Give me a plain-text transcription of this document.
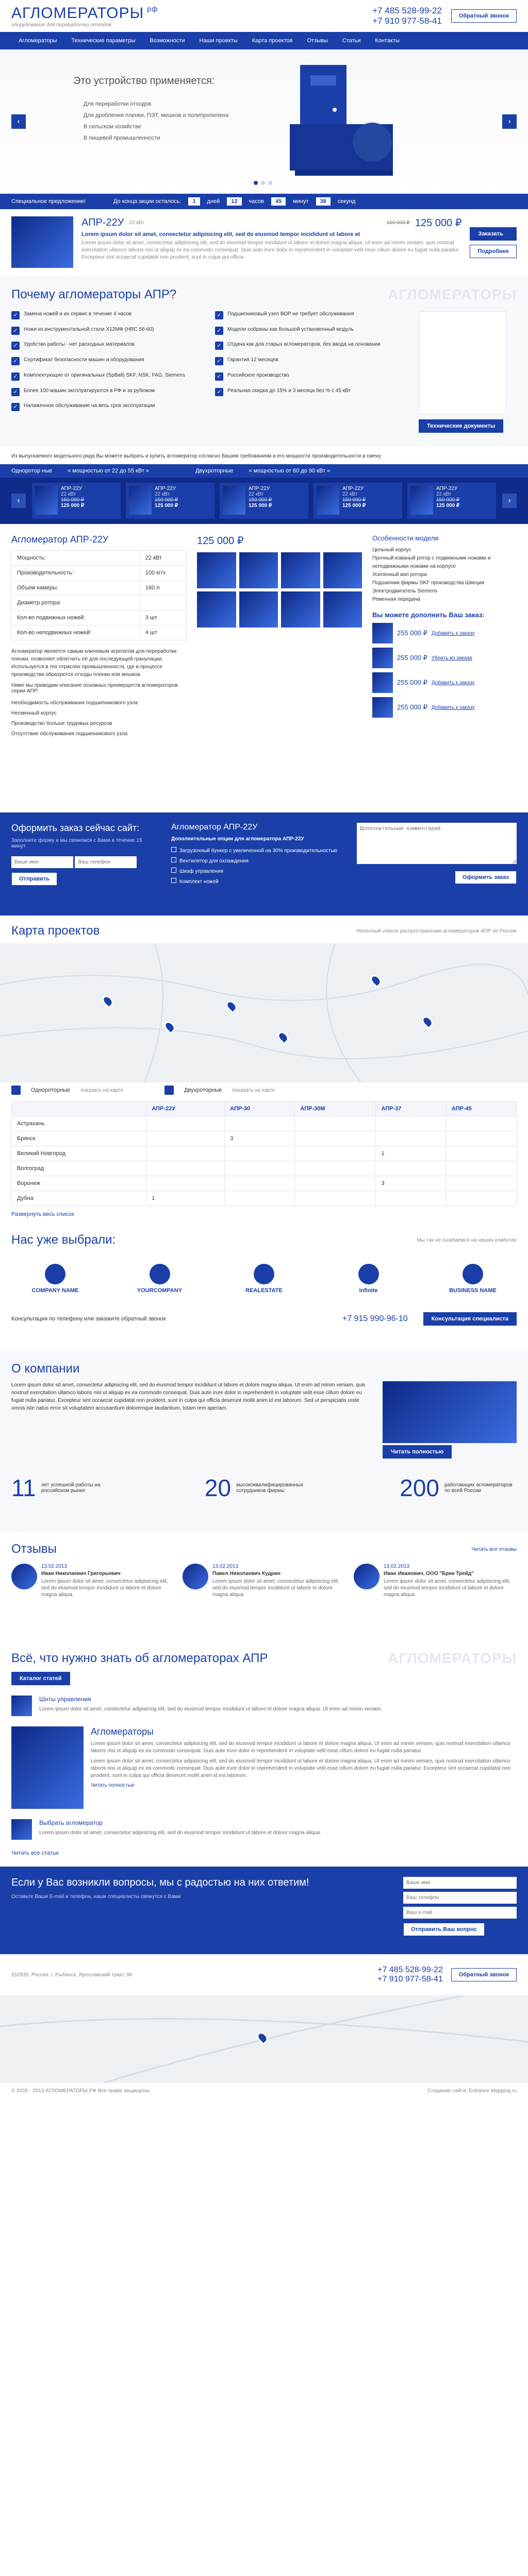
АГЛОМЕРАТОРЫ $^{рф}$
оборудование для переработки отходов
+7 485 528-99-22
+7 910 977-58-41	Обратный звонок
Агломераторы	Технические параметры	Возможности	Наши проекты	Карта проектов	Отзывы	Статьи	Контакты
‹	›
Это устройство применяется:
Для переработки отходов
Для дробления пленки, ПЭТ, мешков и полипропилена
В сельском хозяйстве
В пищевой промышленности
Специальное предложение!	До конца акции осталось:	1	дней	12	часов	45	минут	38	секунд
АПР-22У 22 кВт	150 000 ₽ 125 000 ₽
Lorem ipsum dolor sit amet, consectetur adipisicing elit, sed do eiusmod tempor incididunt ut labore et
Lorem ipsum dolor sit amet, consectetur adipisicing elit, sed do eiusmod tempor incididunt ut labore et dolore magna aliqua. Ut enim ad minim veniam, quis nostrud exercitation ullamco laboris nisi ut aliquip ex ea commodo consequat. Duis aute irure dolor in reprehenderit in voluptate velit esse cillum dolore eu fugiat nulla pariatur. Excepteur sint occaecat cupidatat non proident, sunt in culpa qui officia
Заказать
Подробнее
Почему агломераторы АПР?	АГЛОМЕРАТОРЫ
✓	Замена ножей и их сервис в течение 4 часов	✓	Подшипниковый узел ВОР не требует обслуживания
✓	Ножи из инструментальной стали Х12МФ (HRC 56-60)	✓	Модели собраны как большой установочный модуль
✓	Удобство работы - нет расходных материалов	✓	Отдача как для старых агломераторов, без ввода на основании
✓	Сертификат безопасности машин и оборудования	✓	Гарантия 12 месяцев
✓	Комплектующие от оригинальных (SpBall) SKF, NSK, FAG, Siemens	✓	Российское производство
✓	Более 100 машин эксплуатируются в РФ и за рубежом	✓	Реальная скидка до 15% и 3 месяца без % с 45 кВт
✓	Налаженное обслуживание на весь срок эксплуатации
Технические документы
Из выпускаемого модельного ряда Вы можете выбрать и купить агломератор согласно Вашим требованиям и его мощности производительности в смену
Одноротор ные	« мощностью от 22 до 55 кВт »	Двухроторные	« мощностью от 60 до 90 кВт »
‹	›
АПР-22У
22 кВт
150 000 ₽
125 000 ₽
АПР-22У
22 кВт
150 000 ₽
125 000 ₽
АПР-22У
22 кВт
150 000 ₽
125 000 ₽
АПР-22У
22 кВт
150 000 ₽
125 000 ₽
АПР-22У
22 кВт
150 000 ₽
125 000 ₽
Агломератор АПР-22У
Мощность:	22 кВт
Производительность:	100 кг/ч
Объем камеры:	160 л
Диаметр ротора:	
Кол-во подвижных ножей:	3 шт
Кол-во неподвижных ножей:	4 шт
Агломератор является самым ключевым агрегатом для переработки пленки, позволяет облегчить её для последующей грануляции. Используется в тех отраслях промышленности, где в процессе производства образуются отходы пленки или мешков.
Ниже мы приводим описание основных преимуществ агломераторов серии АПР:
Необходимость обслуживания подшипникового узла
Несменный корпус
Производство больше трудовых ресурсов
Отсутствие обслуживания подшипникового узла
125 000 ₽	Особенности модели
Цельный корпус
Прочный кованый ротор с подвижными ножами и неподвижными ножами на корпусе
Усиленный вал ротора
Подшипник фирмы SKF производства Швеции
Электродвигатель Siemens
Ременная передача
Вы можете дополнить Ваш заказ:
255 000 ₽ Добавить к заказу
255 000 ₽ Убрать из заказа
255 000 ₽ Добавить к заказу
255 000 ₽ Добавить к заказу
Оформить заказ сейчас сайт:
Заполните форму и мы свяжемся с Вами в течение 15 минут
Ваше имя Ваш телефон Отправить
Агломератор АПР-22У
Дополнительные опции для агломератора АПР-22У
Загрузочный бункер с увеличенной на 30% производительностью
Вентилятор для охлаждения
Шкаф управления
Комплект ножей
Дополнительный комментарий
Оформить заказ
Карта проектов	Неполный список распространения агломераторов АПР по России
Однороторные показать на карте	Двухроторные показать на карте
	АПР-22У	АПР-30	АПР-30М	АПР-37	АПР-45
Астрахань					
Брянск		3			
Великий Новгород				1	
Волгоград					
Воронеж				3	
Дубна	1				
Развернуть весь список
Нас уже выбрали:	Мы так не ошибаемся на наших клиентах
COMPANY NAME	YOURCOMPANY	REALESTATE	infinite	BUSINESS NAME
Консультация по телефону или закажите обратный звонок	+7 915 990-96-10	Консультация специалиста
О компании
Lorem ipsum dolor sit amet, consectetur adipisicing elit, sed do eiusmod tempor incididunt ut labore et dolore magna aliqua. Ut enim ad minim veniam, quis nostrud exercitation ullamco laboris nisi ut aliquip ex ea commodo consequat. Duis aute irure dolor in reprehenderit in voluptate velit esse cillum dolore eu fugiat nulla pariatur. Excepteur sint occaecat cupidatat non proident, sunt in culpa qui officia deserunt mollit anim id est laborum. Sed ut perspiciatis unde omnis iste natus error sit voluptatem accusantium doloremque laudantium, totam rem aperiam.
Читать полностью
11 лет успешной работы на российском рынке	20 высококвалифицированных сотрудников фирмы	200 работающих агломераторов по всей России
Отзывы	Читать все отзывы
13.02.2013
Иван Николаевич Григорьевич
Lorem ipsum dolor sit amet, consectetur adipisicing elit, sed do eiusmod tempor incididunt ut labore et dolore magna aliqua.
13.02.2013
Павел Николаевич Кудрин
Lorem ipsum dolor sit amet, consectetur adipisicing elit, sed do eiusmod tempor incididunt ut labore et dolore magna aliqua.
13.02.2013
Иван Иванович, ООО "Брик Трейд"
Lorem ipsum dolor sit amet, consectetur adipisicing elit, sed do eiusmod tempor incididunt ut labore et dolore magna aliqua.
Всё, что нужно знать об агломераторах АПР	АГЛОМЕРАТОРЫ
Каталог статей
Шнты управления
Lorem ipsum dolor sit amet, consectetur adipisicing elit, sed do eiusmod tempor incididunt ut labore et dolore magna aliqua. Ut enim ad minim veniam.
Агломераторы
Lorem ipsum dolor sit amet, consectetur adipisicing elit, sed do eiusmod tempor incididunt ut labore et dolore magna aliqua. Ut enim ad minim veniam, quis nostrud exercitation ullamco laboris nisi ut aliquip ex ea commodo consequat. Duis aute irure dolor in reprehenderit in voluptate velit esse cillum dolore eu fugiat nulla pariatur.
Lorem ipsum dolor sit amet, consectetur adipisicing elit, sed do eiusmod tempor incididunt ut labore et dolore magna aliqua. Ut enim ad minim veniam, quis nostrud exercitation ullamco laboris nisi ut aliquip ex ea commodo consequat. Duis aute irure dolor in reprehenderit in voluptate velit esse cillum dolore eu fugiat nulla pariatur. Excepteur sint occaecat cupidatat non proident, sunt in culpa qui officia deserunt mollit anim id est laborum.
Читать полностью
Выбрать агломератор
Lorem ipsum dolor sit amet, consectetur adipisicing elit, sed do eiusmod tempor incididunt ut labore et dolore magna aliqua.
Читать все статьи
Если у Вас возникли вопросы, мы с радостью на них ответим!
Оставьте Ваши E-mail и телефон, наши специалисты свяжутся с Вами
Ваше имя Ваш телефон Ваш e-mail Отправить Ваш вопрос
152935, Россия, г. Рыбинск, Ярославский тракт, 96
+7 485 528-99-22
+7 910 977-58-41	Обратный звонок
© 2005 - 2013 АГЛОМЕРАТОРЫ.РФ Все права защищены	Создание сайта: Entrance Mapping.ru
